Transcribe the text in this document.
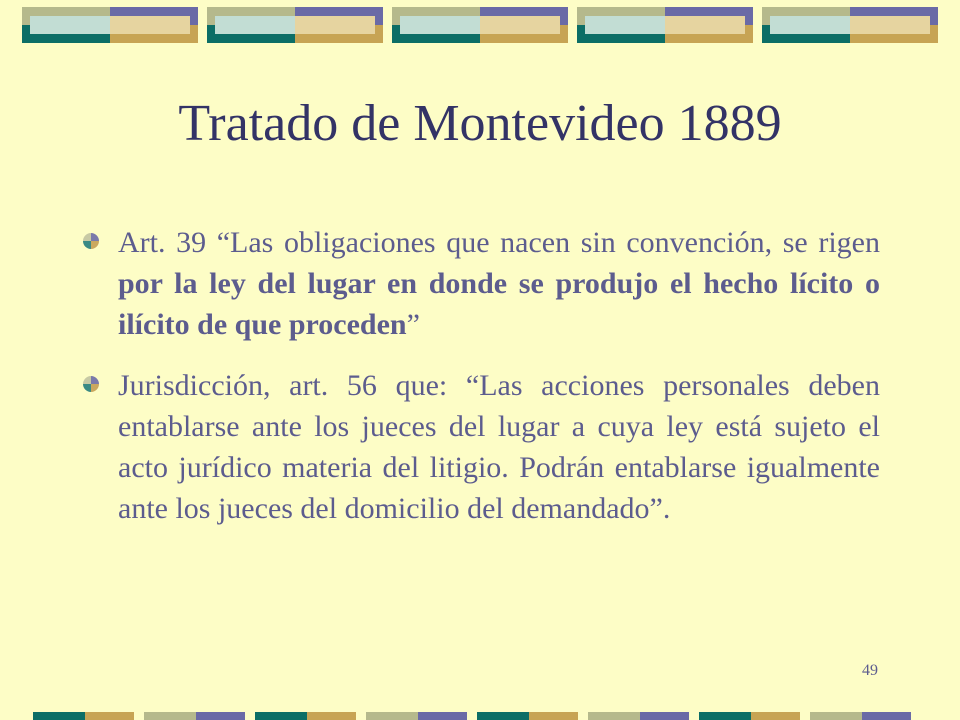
Tratado de Montevideo 1889
Art. 39 “Las obligaciones que nacen sin convención, se rigen por la ley del lugar en donde se produjo el hecho lícito o ilícito de que proceden”
Jurisdicción, art. 56 que: “Las acciones personales deben entablarse ante los jueces del lugar a cuya ley está sujeto el acto jurídico materia del litigio. Podrán entablarse igualmente ante los jueces del domicilio del demandado”.
49
